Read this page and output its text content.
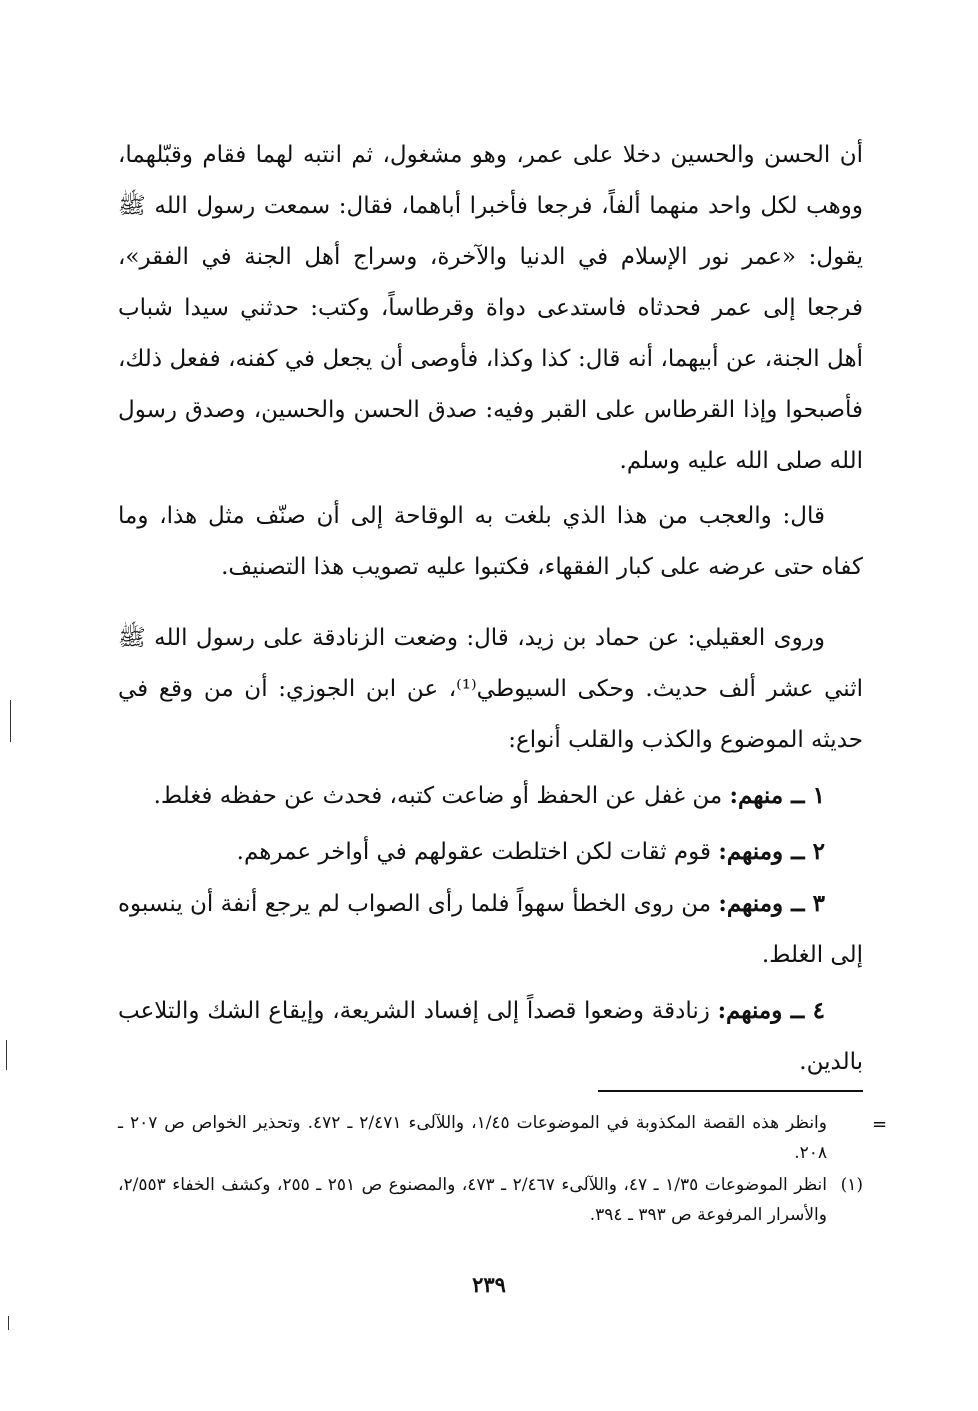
أن الحسن والحسين دخلا على عمر، وهو مشغول، ثم انتبه لهما فقام وقبّلهما، ووهب لكل واحد منهما ألفاً، فرجعا فأخبرا أباهما، فقال: سمعت رسول الله ﷺ يقول: «عمر نور الإسلام في الدنيا والآخرة، وسراج أهل الجنة في الفقر»، فرجعا إلى عمر فحدثاه فاستدعى دواة وقرطاساً، وكتب: حدثني سيدا شباب أهل الجنة، عن أبيهما، أنه قال: كذا وكذا، فأوصى أن يجعل في كفنه، ففعل ذلك، فأصبحوا وإذا القرطاس على القبر وفيه: صدق الحسن والحسين، وصدق رسول الله صلى الله عليه وسلم.

قال: والعجب من هذا الذي بلغت به الوقاحة إلى أن صنّف مثل هذا، وما كفاه حتى عرضه على كبار الفقهاء، فكتبوا عليه تصويب هذا التصنيف.

وروى العقيلي: عن حماد بن زيد، قال: وضعت الزنادقة على رسول الله ﷺ اثني عشر ألف حديث. وحكى السيوطي⁽¹⁾، عن ابن الجوزي: أن من وقع في حديثه الموضوع والكذب والقلب أنواع:

١ ــ منهم: من غفل عن الحفظ أو ضاعت كتبه، فحدث عن حفظه فغلط.

٢ ــ ومنهم: قوم ثقات لكن اختلطت عقولهم في أواخر عمرهم.

٣ ــ ومنهم: من روى الخطأ سهواً فلما رأى الصواب لم يرجع أنفة أن ينسبوه إلى الغلط.

٤ ــ ومنهم: زنادقة وضعوا قصداً إلى إفساد الشريعة، وإيقاع الشك والتلاعب بالدين.

=

وانظر هذه القصة المكذوبة في الموضوعات ١/٤٥، واللآلىء ٢/٤٧١ ـ ٤٧٢. وتحذير الخواص ص ٢٠٧ ـ ٢٠٨.

(١)
انظر الموضوعات ١/٣٥ ـ ٤٧، واللآلىء ٢/٤٦٧ ـ ٤٧٣، والمصنوع ص ٢٥١ ـ ٢٥٥، وكشف الخفاء ٢/٥٥٣، والأسرار المرفوعة ص ٣٩٣ ـ ٣٩٤.

٢٣٩
